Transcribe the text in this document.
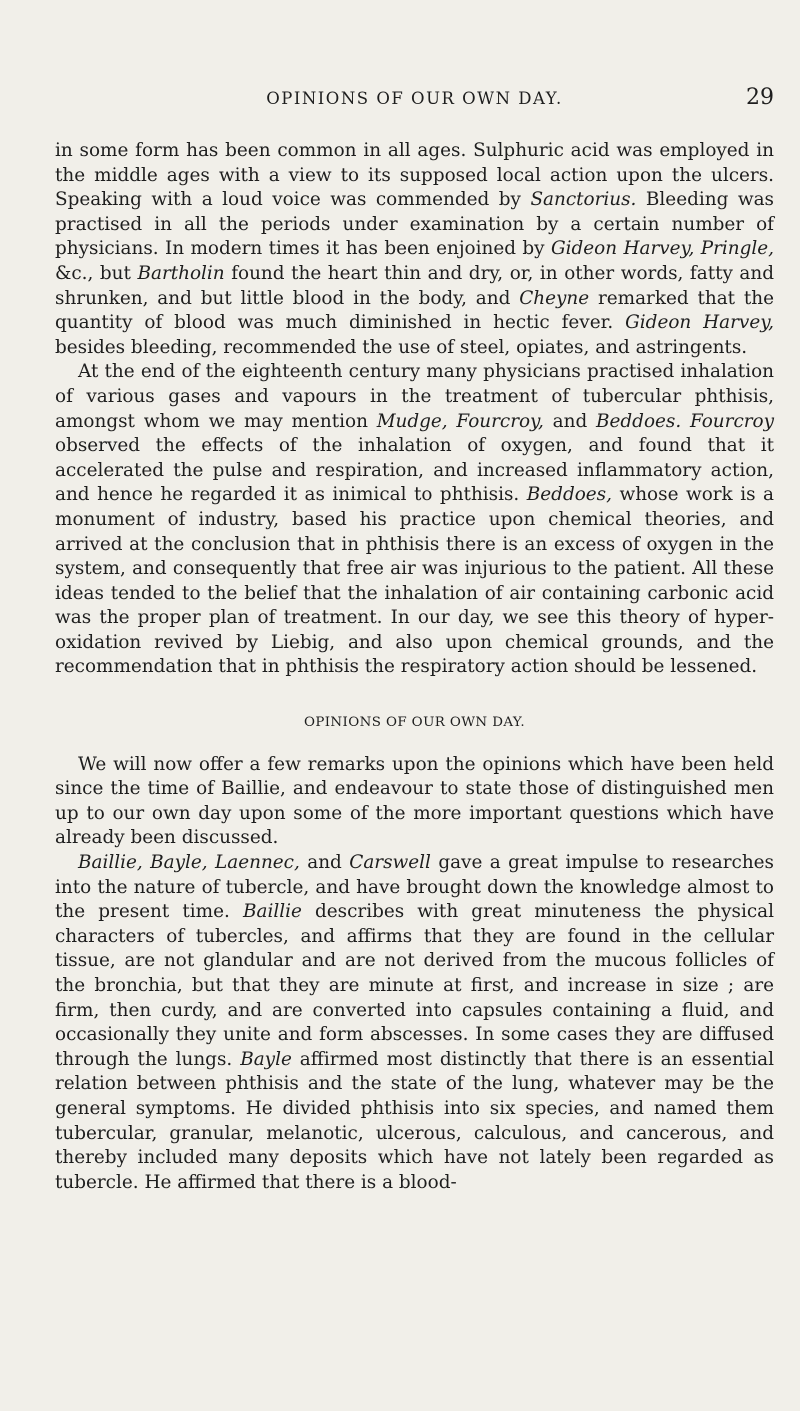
OPINIONS OF OUR OWN DAY.	29

in some form has been common in all ages. Sulphuric acid was employed in the middle ages with a view to its supposed local action upon the ulcers. Speaking with a loud voice was commended by Sanctorius. Bleeding was practised in all the periods under examination by a certain number of physicians. In modern times it has been enjoined by Gideon Harvey, Pringle, &c., but Bartholin found the heart thin and dry, or, in other words, fatty and shrunken, and but little blood in the body, and Cheyne remarked that the quantity of blood was much diminished in hectic fever. Gideon Harvey, besides bleeding, recommended the use of steel, opiates, and astringents.

At the end of the eighteenth century many physicians practised inhalation of various gases and vapours in the treatment of tubercular phthisis, amongst whom we may mention Mudge, Fourcroy, and Beddoes. Fourcroy observed the effects of the inhalation of oxygen, and found that it accelerated the pulse and respiration, and increased inflammatory action, and hence he regarded it as inimical to phthisis. Beddoes, whose work is a monument of industry, based his practice upon chemical theories, and arrived at the conclusion that in phthisis there is an excess of oxygen in the system, and consequently that free air was injurious to the patient. All these ideas tended to the belief that the inhalation of air containing carbonic acid was the proper plan of treatment. In our day, we see this theory of hyper-oxidation revived by Liebig, and also upon chemical grounds, and the recommendation that in phthisis the respiratory action should be lessened.

OPINIONS OF OUR OWN DAY.

We will now offer a few remarks upon the opinions which have been held since the time of Baillie, and endeavour to state those of distinguished men up to our own day upon some of the more important questions which have already been discussed.

Baillie, Bayle, Laennec, and Carswell gave a great impulse to researches into the nature of tubercle, and have brought down the knowledge almost to the present time. Baillie describes with great minuteness the physical characters of tubercles, and affirms that they are found in the cellular tissue, are not glandular and are not derived from the mucous follicles of the bronchia, but that they are minute at first, and increase in size ; are firm, then curdy, and are converted into capsules containing a fluid, and occasionally they unite and form abscesses. In some cases they are diffused through the lungs. Bayle affirmed most distinctly that there is an essential relation between phthisis and the state of the lung, whatever may be the general symptoms. He divided phthisis into six species, and named them tubercular, granular, melanotic, ulcerous, calculous, and cancerous, and thereby included many deposits which have not lately been regarded as tubercle. He affirmed that there is a blood-
